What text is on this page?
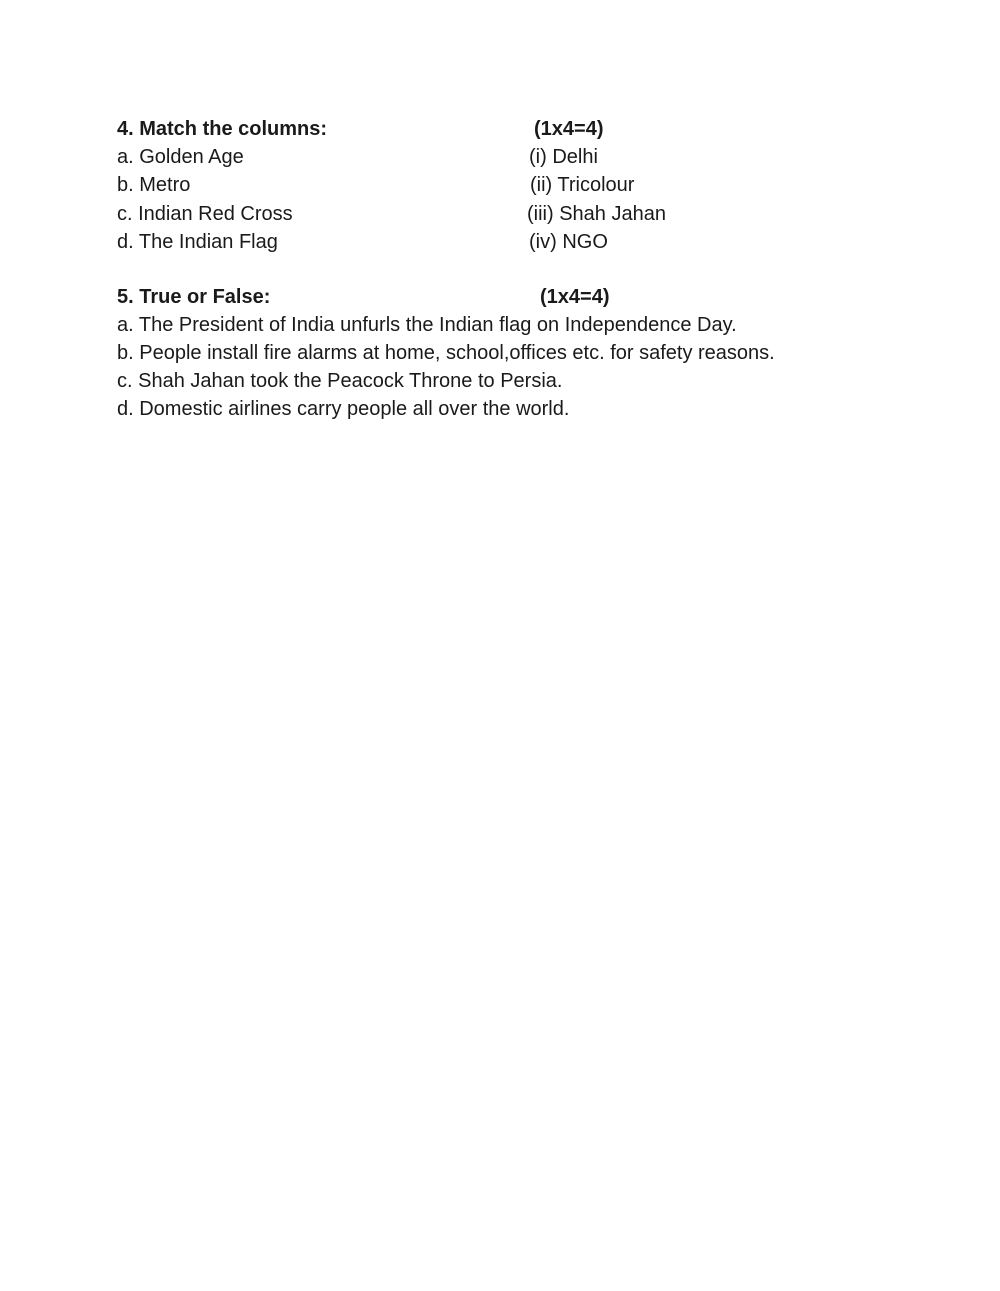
4. Match the columns:	(1x4=4)
a. Golden Age	(i) Delhi
b. Metro	(ii) Tricolour
c. Indian Red Cross	(iii) Shah Jahan
d. The Indian Flag	(iv) NGO
5. True or False:	(1x4=4)
a. The President of India unfurls the Indian flag on Independence Day.
b. People install fire alarms at home, school,offices etc. for safety reasons.
c. Shah Jahan took the Peacock Throne to Persia.
d. Domestic airlines carry people all over the world.
